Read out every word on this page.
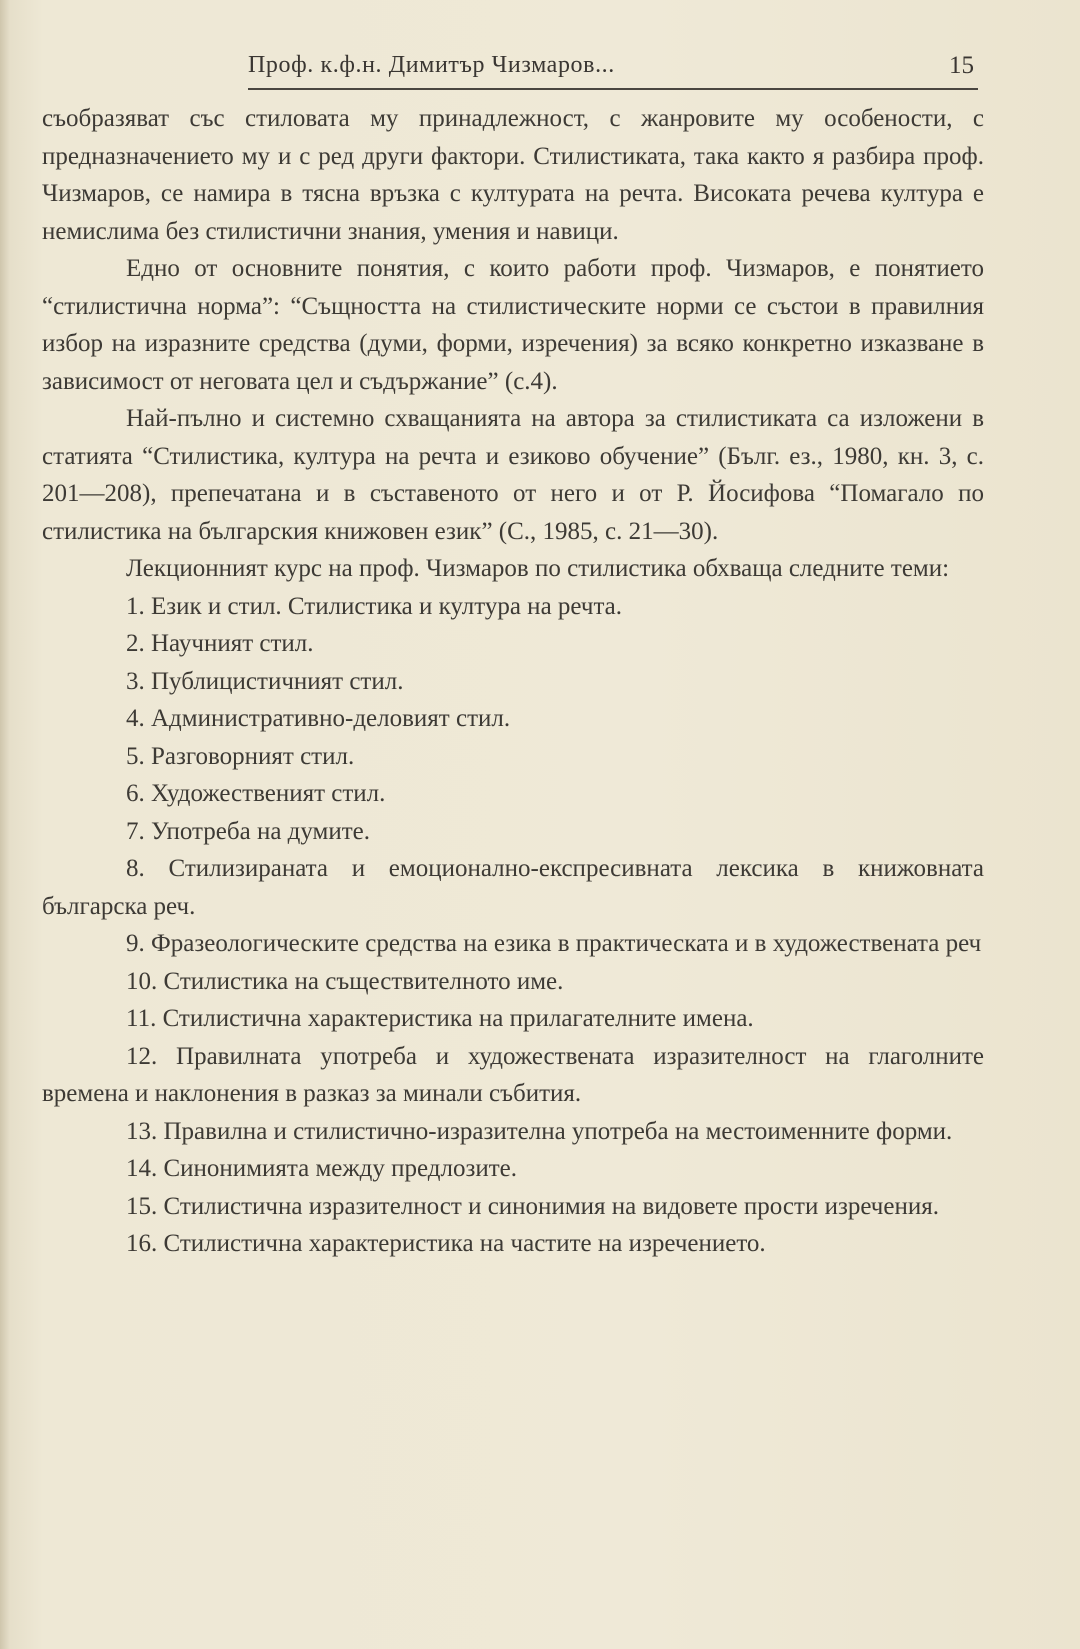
Проф. к.ф.н. Димитър Чизмаров...	15

съобразяват със стиловата му принадлежност, с жанровите му особености, с предназначението му и с ред други фактори. Стилистиката, така както я разбира проф. Чизмаров, се намира в тясна връзка с културата на речта. Високата речева култура е немислима без стилистични знания, умения и навици.

Едно от основните понятия, с които работи проф. Чизмаров, е понятието “стилистична норма”: “Същността на стилистическите норми се състои в правилния избор на изразните средства (думи, форми, изречения) за всяко конкретно изказване в зависимост от неговата цел и съдържание” (с.4).

Най-пълно и системно схващанията на автора за стилистиката са изложени в статията “Стилистика, култура на речта и езиково обучение” (Бълг. ез., 1980, кн. 3, с. 201—208), препечатана и в съставеното от него и от Р. Йосифова “Помагало по стилистика на българския книжовен език” (С., 1985, с. 21—30).

Лекционният курс на проф. Чизмаров по стилистика обхваща следните теми:

1. Език и стил. Стилистика и култура на речта.

2. Научният стил.

3. Публицистичният стил.

4. Административно-деловият стил.

5. Разговорният стил.

6. Художественият стил.

7. Употреба на думите.

8. Стилизираната и емоционално-експресивната лексика в книжовната българска реч.

9. Фразеологическите средства на езика в практическата и в художествената реч

10. Стилистика на съществителното име.

11. Стилистична характеристика на прилагателните имена.

12. Правилната употреба и художествената изразителност на глаголните времена и наклонения в разказ за минали събития.

13. Правилна и стилистично-изразителна употреба на местоименните форми.

14. Синонимията между предлозите.

15. Стилистична изразителност и синонимия на видовете прости изречения.

16. Стилистична характеристика на частите на изречението.
